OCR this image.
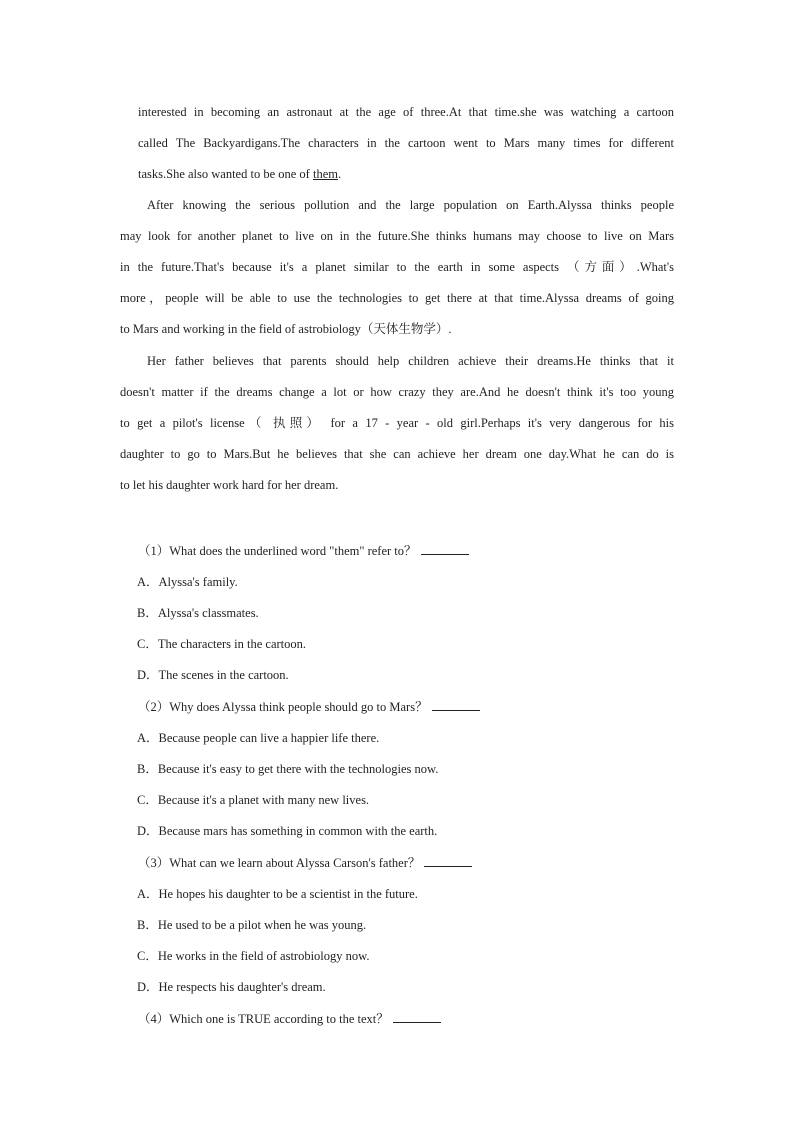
interested in becoming an astronaut at the age of three.At that time.she was watching a cartoon
called The Backyardigans.The characters in the cartoon went to Mars many times for different
tasks.She also wanted to be one of them.
After knowing the serious pollution and the large population on Earth.Alyssa thinks people
may look for another planet to live on in the future.She thinks humans may choose to live on Mars
in the future.That's because it's a planet similar to the earth in some aspects （方面）.What's
more，people will be able to use the technologies to get there at that time.Alyssa dreams of going
to Mars and working in the field of astrobiology（天体生物学）.
Her father believes that parents should help children achieve their dreams.He thinks that it
doesn't matter if the dreams change a lot or how crazy they are.And he doesn't think it's too young
to get a pilot's license（ 执照） for a 17 - year - old girl.Perhaps it's very dangerous for his
daughter to go to Mars.But he believes that she can achieve her dream one day.What he can do is
to let his daughter work hard for her dream.

（1）What does the underlined word "them" refer to？

A．Alyssa's family.

B．Alyssa's classmates.

C．The characters in the cartoon.

D．The scenes in the cartoon.

（2）Why does Alyssa think people should go to Mars？

A．Because people can live a happier life there.

B．Because it's easy to get there with the technologies now.

C．Because it's a planet with many new lives.

D．Because mars has something in common with the earth.

（3）What can we learn about Alyssa Carson's father？

A．He hopes his daughter to be a scientist in the future.

B．He used to be a pilot when he was young.

C．He works in the field of astrobiology now.

D．He respects his daughter's dream.

（4）Which one is TRUE according to the text？
